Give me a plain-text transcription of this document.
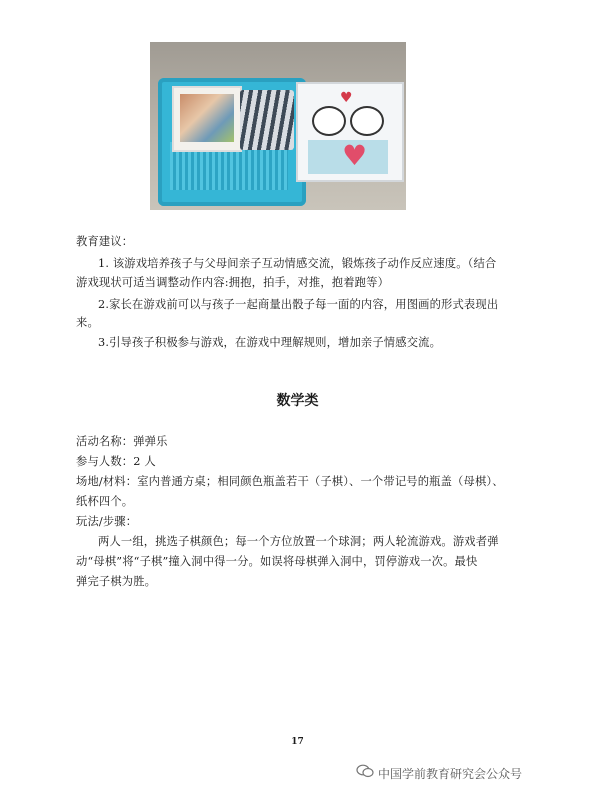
♥
♥
教育建议：
1. 该游戏培养孩子与父母间亲子互动情感交流，锻炼孩子动作反应速度。（结合
游戏现状可适当调整动作内容:拥抱，拍手，对推，抱着跑等）
2.家长在游戏前可以与孩子一起商量出骰子每一面的内容，用图画的形式表现出
来。
3.引导孩子积极参与游戏，在游戏中理解规则，增加亲子情感交流。
数学类
活动名称：弹弹乐
参与人数：2 人
场地/材料：室内普通方桌；相同颜色瓶盖若干（子棋）、一个带记号的瓶盖（母棋）、
纸杯四个。
玩法/步骤：
两人一组，挑选子棋颜色；每一个方位放置一个球洞；两人轮流游戏。游戏者弹
动“母棋”将“子棋”撞入洞中得一分。如误将母棋弹入洞中，罚停游戏一次。最快
弹完子棋为胜。
17
中国学前教育研究会公众号
